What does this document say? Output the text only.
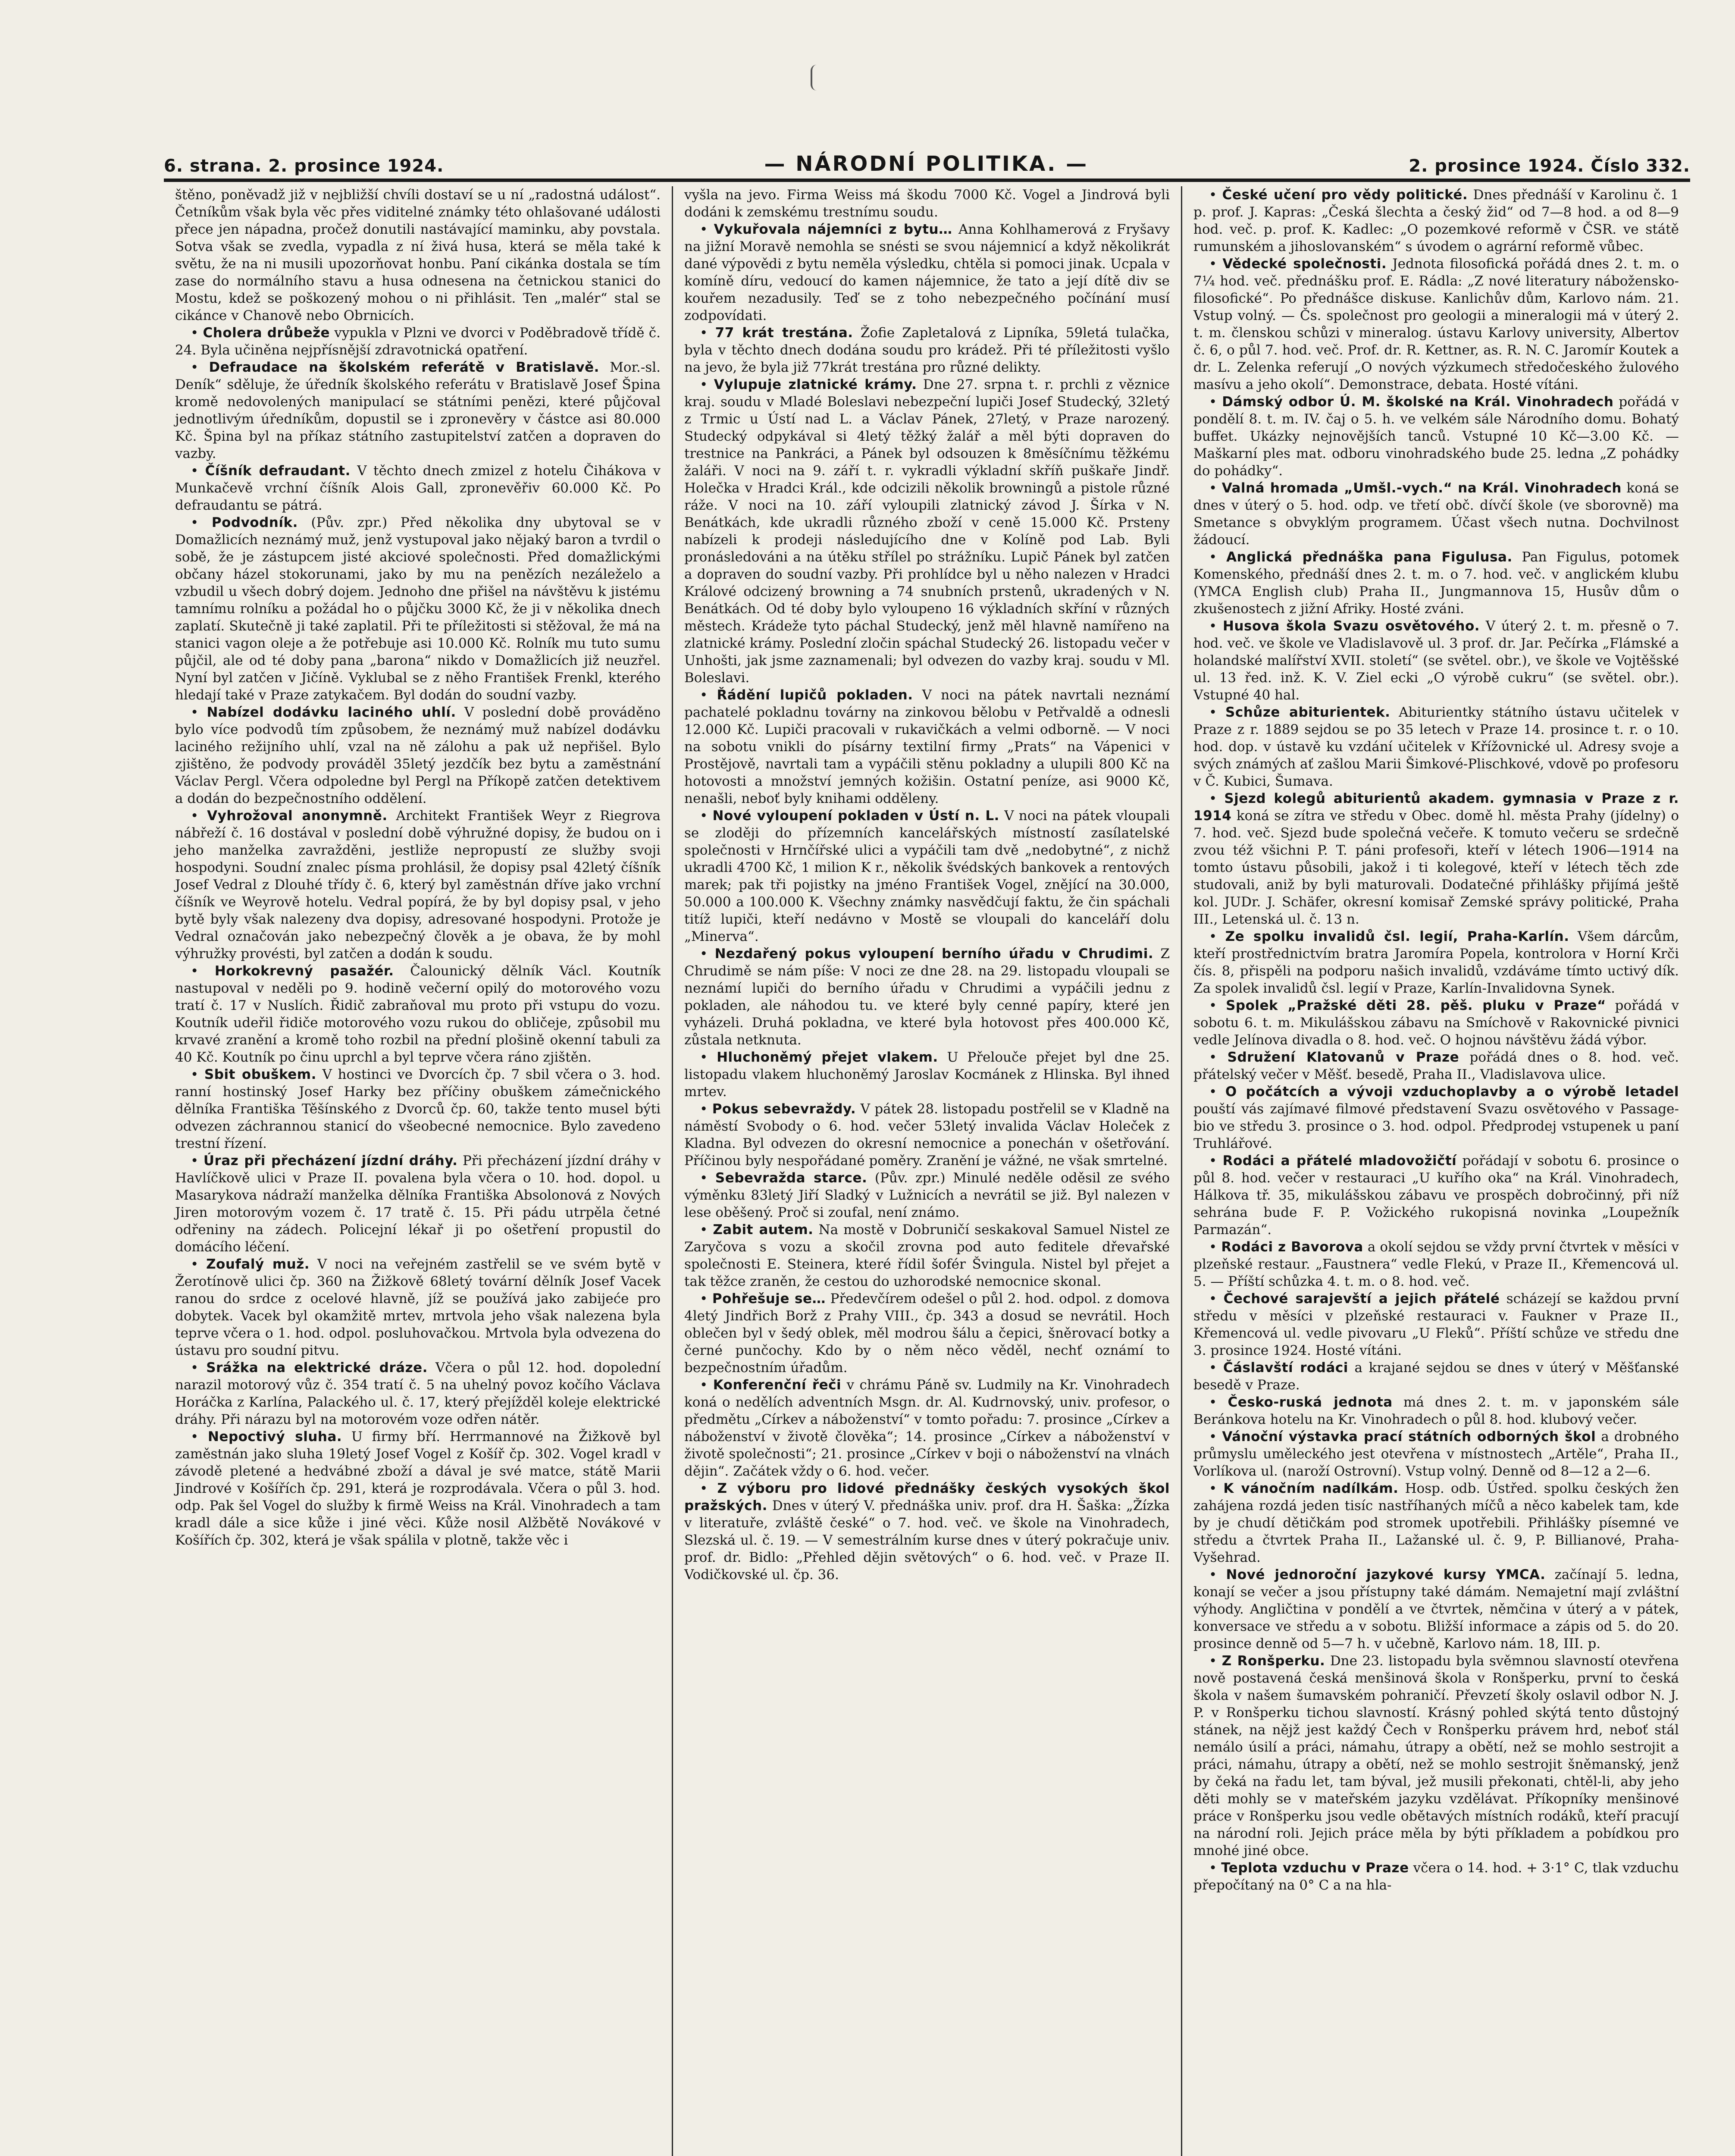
6. strana. 2. prosince 1924.	— NÁRODNÍ POLITIKA. —	2. prosince 1924. Číslo 332.

štěno, poněvadž již v nejbližší chvíli dostaví se u ní „radostná událost“. Četníkům však byla věc přes viditelné známky této ohlašované události přece jen nápadna, pročež donutili nastávající maminku, aby povstala. Sotva však se zvedla, vypadla z ní živá husa, která se měla také k světu, že na ni musili upozorňovat honbu. Paní cikánka dostala se tím zase do normálního stavu a husa odnesena na četnickou stanici do Mostu, kdež se poškozený mohou o ni přihlásit. Ten „malér“ stal se cikánce v Chanově nebo Obrnicích.

• Cholera drůbeže vypukla v Plzni ve dvorci v Poděbradově třídě č. 24. Byla učiněna nejpřísnější zdravotnická opatření.

• Defraudace na školském referátě v Bratislavě. Mor.-sl. Deník“ sděluje, že úředník školského referátu v Bratislavě Josef Špina kromě nedovolených manipulací se státními penězi, které půjčoval jednotlivým úředníkům, dopustil se i zpronevěry v částce asi 80.000 Kč. Špina byl na příkaz státního zastupitelství zatčen a dopraven do vazby.

• Číšník defraudant. V těchto dnech zmizel z hotelu Čihákova v Munkačevě vrchní číšník Alois Gall, zpronevěřiv 60.000 Kč. Po defraudantu se pátrá.

• Podvodník. (Pův. zpr.) Před několika dny ubytoval se v Domažlicích neznámý muž, jenž vystupoval jako nějaký baron a tvrdil o sobě, že je zástupcem jisté akciové společnosti. Před domažlickými občany házel stokorunami, jako by mu na penězích nezáleželo a vzbudil u všech dobrý dojem. Jednoho dne přišel na návštěvu k jistému tamnímu rolníku a požádal ho o půjčku 3000 Kč, že ji v několika dnech zaplatí. Skutečně ji také zaplatil. Při te příležitosti si stěžoval, že má na stanici vagon oleje a že potřebuje asi 10.000 Kč. Rolník mu tuto sumu půjčil, ale od té doby pana „barona“ nikdo v Domažlicích již neuzřel. Nyní byl zatčen v Jičíně. Vyklubal se z něho František Frenkl, kterého hledají také v Praze zatykačem. Byl dodán do soudní vazby.

• Nabízel dodávku laciného uhlí. V poslední době prováděno bylo více podvodů tím způsobem, že neznámý muž nabízel dodávku laciného režijního uhlí, vzal na ně zálohu a pak už nepřišel. Bylo zjištěno, že podvody prováděl 35letý jezdčík bez bytu a zaměstnání Václav Pergl. Včera odpoledne byl Pergl na Příkopě zatčen detektivem a dodán do bezpečnostního oddělení.

• Vyhrožoval anonymně. Architekt František Weyr z Riegrova nábřeží č. 16 dostával v poslední době výhružné dopisy, že budou on i jeho manželka zavražděni, jestliže nepropustí ze služby svoji hospodyni. Soudní znalec písma prohlásil, že dopisy psal 42letý číšník Josef Vedral z Dlouhé třídy č. 6, který byl zaměstnán dříve jako vrchní číšník ve Weyrově hotelu. Vedral popírá, že by byl dopisy psal, v jeho bytě byly však nalezeny dva dopisy, adresované hospodyni. Protože je Vedral označován jako nebezpečný člověk a je obava, že by mohl výhružky provésti, byl zatčen a dodán k soudu.

• Horkokrevný pasažér. Čalounický dělník Václ. Koutník nastupoval v neděli po 9. hodině večerní opilý do motorového vozu tratí č. 17 v Nuslích. Řidič zabraňoval mu proto při vstupu do vozu. Koutník udeřil řidiče motorového vozu rukou do obličeje, způsobil mu krvavé zranění a kromě toho rozbil na přední plošině okenní tabuli za 40 Kč. Koutník po činu uprchl a byl teprve včera ráno zjištěn.

• Sbit obuškem. V hostinci ve Dvorcích čp. 7 sbil včera o 3. hod. ranní hostinský Josef Harky bez příčiny obuškem zámečnického dělníka Františka Těšínského z Dvorců čp. 60, takže tento musel býti odvezen záchrannou stanicí do všeobecné nemocnice. Bylo zavedeno trestní řízení.

• Úraz při přecházení jízdní dráhy. Při přecházení jízdní dráhy v Havlíčkově ulici v Praze II. povalena byla včera o 10. hod. dopol. u Masarykova nádraží manželka dělníka Františka Absolonová z Nových Jiren motorovým vozem č. 17 tratě č. 15. Při pádu utrpěla četné odřeniny na zádech. Policejní lékař ji po ošetření propustil do domácího léčení.

• Zoufalý muž. V noci na veřejném zastřelil se ve svém bytě v Žerotínově ulici čp. 360 na Žižkově 68letý tovární dělník Josef Vacek ranou do srdce z ocelové hlavně, jíž se používá jako zabijeće pro dobytek. Vacek byl okamžitě mrtev, mrtvola jeho však nalezena byla teprve včera o 1. hod. odpol. posluhovačkou. Mrtvola byla odvezena do ústavu pro soudní pitvu.

• Srážka na elektrické dráze. Včera o půl 12. hod. dopolední narazil motorový vůz č. 354 tratí č. 5 na uhelný povoz kočího Václava Horáčka z Karlína, Palackého ul. č. 17, který přejížděl koleje elektrické dráhy. Při nárazu byl na motorovém voze odřen nátěr.

• Nepoctivý sluha. U firmy bří. Herrmannové na Žižkově byl zaměstnán jako sluha 19letý Josef Vogel z Košíř čp. 302. Vogel kradl v závodě pletené a hedvábné zboží a dával je své matce, státě Marii Jindrové v Košířích čp. 291, která je rozprodávala. Včera o půl 3. hod. odp. Pak šel Vogel do služby k firmě Weiss na Král. Vinohradech a tam kradl dále a sice kůže i jiné věci. Kůže nosil Alžbětě Novákové v Košířích čp. 302, která je však spálila v plotně, takže věc i

vyšla na jevo. Firma Weiss má škodu 7000 Kč. Vogel a Jindrová byli dodáni k zemskému trestnímu soudu.

• Vykuřovala nájemníci z bytu… Anna Kohlhamerová z Fryšavy na jižní Moravě nemohla se snésti se svou nájemnicí a když několikrát dané výpovědi z bytu neměla výsledku, chtěla si pomoci jinak. Ucpala v komíně díru, vedoucí do kamen nájemnice, že tato a její dítě div se kouřem nezadusily. Teď se z toho nebezpečného počínání musí zodpovídati.

• 77 krát trestána. Žofie Zapletalová z Lipníka, 59letá tulačka, byla v těchto dnech dodána soudu pro krádež. Při té příležitosti vyšlo na jevo, že byla již 77krát trestána pro různé delikty.

• Vylupuje zlatnické krámy. Dne 27. srpna t. r. prchli z věznice kraj. soudu v Mladé Boleslavi nebezpeční lupiči Josef Studecký, 32letý z Trmic u Ústí nad L. a Václav Pánek, 27letý, v Praze narozený. Studecký odpykával si 4letý těžký žalář a měl býti dopraven do trestnice na Pankráci, a Pánek byl odsouzen k 8měsíčnímu těžkému žaláři. V noci na 9. září t. r. vykradli výkladní skříň puškaře Jindř. Holečka v Hradci Král., kde odcizili několik browningů a pistole různé ráže. V noci na 10. září vyloupili zlatnický závod J. Šírka v N. Benátkách, kde ukradli různého zboží v ceně 15.000 Kč. Prsteny nabízeli k prodeji následujícího dne v Kolíně pod Lab. Byli pronásledováni a na útěku střílel po strážníku. Lupič Pánek byl zatčen a dopraven do soudní vazby. Při prohlídce byl u něho nalezen v Hradci Králové odcizený browning a 74 snubních prstenů, ukradených v N. Benátkách. Od té doby bylo vyloupeno 16 výkladních skříní v různých městech. Krádeže tyto páchal Studecký, jenž měl hlavně namířeno na zlatnické krámy. Poslední zločin spáchal Studecký 26. listopadu večer v Unhošti, jak jsme zaznamenali; byl odvezen do vazby kraj. soudu v Ml. Boleslavi.

• Řádění lupičů pokladen. V noci na pátek navrtali neznámí pachatelé pokladnu továrny na zinkovou bělobu v Petřvaldě a odnesli 12.000 Kč. Lupiči pracovali v rukavičkách a velmi odborně. — V noci na sobotu vnikli do písárny textilní firmy „Prats“ na Vápenici v Prostějově, navrtali tam a vypáčili stěnu pokladny a ulupili 800 Kč na hotovosti a množství jemných kožišin. Ostatní peníze, asi 9000 Kč, nenašli, neboť byly knihami odděleny.

• Nové vyloupení pokladen v Ústí n. L. V noci na pátek vloupali se zloději do přízemních kancelářských místností zasílatelské společnosti v Hrnčířské ulici a vypáčili tam dvě „nedobytné“, z nichž ukradli 4700 Kč, 1 milion K r., několik švédských bankovek a rentových marek; pak tři pojistky na jméno František Vogel, znějící na 30.000, 50.000 a 100.000 K. Všechny známky nasvědčují faktu, že čin spáchali titíž lupiči, kteří nedávno v Mostě se vloupali do kanceláří dolu „Minerva“.

• Nezdařený pokus vyloupení berního úřadu v Chrudimi. Z Chrudimě se nám píše: V noci ze dne 28. na 29. listopadu vloupali se neznámí lupiči do berního úřadu v Chrudimi a vypáčili jednu z pokladen, ale náhodou tu. ve které byly cenné papíry, které jen vyházeli. Druhá pokladna, ve které byla hotovost přes 400.000 Kč, zůstala netknuta.

• Hluchoněmý přejet vlakem. U Přelouče přejet byl dne 25. listopadu vlakem hluchoněmý Jaroslav Kocmánek z Hlinska. Byl ihned mrtev.

• Pokus sebevraždy. V pátek 28. listopadu postřelil se v Kladně na náměstí Svobody o 6. hod. večer 53letý invalida Václav Holeček z Kladna. Byl odvezen do okresní nemocnice a ponechán v ošetřování. Příčinou byly nespořádané poměry. Zranění je vážné, ne však smrtelné.

• Sebevražda starce. (Pův. zpr.) Minulé neděle oděsil ze svého výměnku 83letý Jiří Sladký v Lužnicích a nevrátil se již. Byl nalezen v lese oběšený. Proč si zoufal, není známo.

• Zabit autem. Na mostě v Dobruničí seskakoval Samuel Nistel ze Zaryčova s vozu a skočil zrovna pod auto feditele dřevařské společnosti E. Steinera, které řídil šofér Švingula. Nistel byl přejet a tak těžce zraněn, že cestou do uzhorodské nemocnice skonal.

• Pohřešuje se… Předevčírem odešel o půl 2. hod. odpol. z domova 4letý Jindřich Borž z Prahy VIII., čp. 343 a dosud se nevrátil. Hoch oblečen byl v šedý oblek, měl modrou šálu a čepici, šněrovací botky a černé punčochy. Kdo by o něm něco věděl, nechť oznámí to bezpečnostním úřadům.

• Konferenční řeči v chrámu Páně sv. Ludmily na Kr. Vinohradech koná o nedělích adventních Msgn. dr. Al. Kudrnovský, univ. profesor, o předmětu „Církev a náboženství“ v tomto pořadu: 7. prosince „Církev a náboženství v životě člověka“; 14. prosince „Církev a náboženství v životě společnosti“; 21. prosince „Církev v boji o náboženství na vlnách dějin“. Začátek vždy o 6. hod. večer.

• Z výboru pro lidové přednášky českých vysokých škol pražských. Dnes v úterý V. přednáška univ. prof. dra H. Šaška: „Žízka v literatuře, zvláště české“ o 7. hod. več. ve škole na Vinohradech, Slezská ul. č. 19. — V semestrálním kurse dnes v úterý pokračuje univ. prof. dr. Bidlo: „Přehled dějin světových“ o 6. hod. več. v Praze II. Vodičkovské ul. čp. 36.

• České učení pro vědy politické. Dnes přednáší v Karolinu č. 1 p. prof. J. Kapras: „Česká šlechta a český žid“ od 7—8 hod. a od 8—9 hod. več. p. prof. K. Kadlec: „O pozemkové reformě v ČSR. ve státě rumunském a jihoslovanském“ s úvodem o agrární reformě vůbec.

• Vědecké společnosti. Jednota filosofická pořádá dnes 2. t. m. o 7¼ hod. več. přednášku prof. E. Rádla: „Z nové literatury nábožensko-filosofické“. Po přednášce diskuse. Kanlichův dům, Karlovo nám. 21. Vstup volný. — Čs. společnost pro geologii a mineralogii má v úterý 2. t. m. členskou schůzi v mineralog. ústavu Karlovy university, Albertov č. 6, o půl 7. hod. več. Prof. dr. R. Kettner, as. R. N. C. Jaromír Koutek a dr. L. Zelenka referují „O nových výzkumech středočeského žulového masívu a jeho okolí“. Demonstrace, debata. Hosté vítáni.

• Dámský odbor Ú. M. školské na Král. Vinohradech pořádá v pondělí 8. t. m. IV. čaj o 5. h. ve velkém sále Národního domu. Bohatý buffet. Ukázky nejnovějších tanců. Vstupné 10 Kč—3.00 Kč. — Maškarní ples mat. odboru vinohradského bude 25. ledna „Z pohádky do pohádky“.

• Valná hromada „Umšl.-vych.“ na Král. Vinohradech koná se dnes v úterý o 5. hod. odp. ve třetí obč. dívčí škole (ve sborovně) ma Smetance s obvyklým programem. Účast všech nutna. Dochvilnost žádoucí.

• Anglická přednáška pana Figulusa. Pan Figulus, potomek Komenského, přednáší dnes 2. t. m. o 7. hod. več. v anglickém klubu (YMCA English club) Praha II., Jungmannova 15, Husův dům o zkušenostech z jižní Afriky. Hosté zváni.

• Husova škola Svazu osvětového. V úterý 2. t. m. přesně o 7. hod. več. ve škole ve Vladislavově ul. 3 prof. dr. Jar. Pečírka „Flámské a holandské malířství XVII. století“ (se světel. obr.), ve škole ve Vojtěšské ul. 13 řed. inž. K. V. Ziel ecki „O výrobě cukru“ (se světel. obr.). Vstupné 40 hal.

• Schůze abiturientek. Abiturientky státního ústavu učitelek v Praze z r. 1889 sejdou se po 35 letech v Praze 14. prosince t. r. o 10. hod. dop. v ústavě ku vzdání učitelek v Křížovnické ul. Adresy svoje a svých známých ať zašlou Marii Šimkové-Plischkové, vdově po profesoru v Č. Kubici, Šumava.

• Sjezd kolegů abiturientů akadem. gymnasia v Praze z r. 1914 koná se zítra ve středu v Obec. domě hl. města Prahy (jídelny) o 7. hod. več. Sjezd bude společná večeře. K tomuto večeru se srdečně zvou též všichni P. T. páni profesoři, kteří v létech 1906—1914 na tomto ústavu působili, jakož i ti kolegové, kteří v létech těch zde studovali, aniž by byli maturovali. Dodatečné přihlášky přijímá ještě kol. JUDr. J. Schäfer, okresní komisař Zemské správy politické, Praha III., Letenská ul. č. 13 n.

• Ze spolku invalidů čsl. legií, Praha-Karlín. Všem dárcům, kteří prostřednictvím bratra Jaromíra Popela, kontrolora v Horní Krči čís. 8, přispěli na podporu našich invalidů, vzdáváme tímto uctivý dík. Za spolek invalidů čsl. legií v Praze, Karlín-Invalidovna Synek.

• Spolek „Pražské děti 28. pěš. pluku v Praze“ pořádá v sobotu 6. t. m. Mikulášskou zábavu na Smíchově v Rakovnické pivnici vedle Jelínova divadla o 8. hod. več. O hojnou návštěvu žádá výbor.

• Sdružení Klatovanů v Praze pořádá dnes o 8. hod. več. přátelský večer v Měšť. besedě, Praha II., Vladislavova ulice.

• O počátcích a vývoji vzduchoplavby a o výrobě letadel pouští vás zajímavé filmové představení Svazu osvětového v Passage-bio ve středu 3. prosince o 3. hod. odpol. Předprodej vstupenek u paní Truhlářové.

• Rodáci a přátelé mladovožičtí pořádají v sobotu 6. prosince o půl 8. hod. večer v restauraci „U kuřího oka“ na Král. Vinohradech, Hálkova tř. 35, mikulášskou zábavu ve prospěch dobročinný, při níž sehrána bude F. P. Vožického rukopisná novinka „Loupežník Parmazán“.

• Rodáci z Bavorova a okolí sejdou se vždy první čtvrtek v měsíci v plzeňské restaur. „Faustnera“ vedle Flekú, v Praze II., Křemencová ul. 5. — Příští schůzka 4. t. m. o 8. hod. več.

• Čechové sarajevští a jejich přátelé scházejí se každou první středu v měsíci v plzeňské restauraci v. Faukner v Praze II., Křemencová ul. vedle pivovaru „U Fleků“. Příští schůze ve středu dne 3. prosince 1924. Hosté vítáni.

• Čáslavští rodáci a krajané sejdou se dnes v úterý v Měšťanské besedě v Praze.

• Česko-ruská jednota má dnes 2. t. m. v japonském sále Beránkova hotelu na Kr. Vinohradech o půl 8. hod. klubový večer.

• Vánoční výstavka prací státních odborných škol a drobného průmyslu uměleckého jest otevřena v místnostech „Artěle“, Praha II., Vorlíkova ul. (naroží Ostrovní). Vstup volný. Denně od 8—12 a 2—6.

• K vánočním nadílkám. Hosp. odb. Ústřed. spolku českých žen zahájena rozdá jeden tisíc nastříhaných míčů a něco kabelek tam, kde by je chudí dětičkám pod stromek upotřebili. Přihlášky písemné ve středu a čtvrtek Praha II., Lažanské ul. č. 9, P. Billianové, Praha-Vyšehrad.

• Nové jednoroční jazykové kursy YMCA. začínají 5. ledna, konají se večer a jsou přístupny také dámám. Nemajetní mají zvláštní výhody. Angličtina v pondělí a ve čtvrtek, němčina v úterý a v pátek, konversace ve středu a v sobotu. Bližší informace a zápis od 5. do 20. prosince denně od 5—7 h. v učebně, Karlovo nám. 18, III. p.

• Z Ronšperku. Dne 23. listopadu byla svěmnou slavností otevřena nově postavená česká menšinová škola v Ronšperku, první to česká škola v našem šumavském pohraničí. Převzetí školy oslavil odbor N. J. P. v Ronšperku tichou slavností. Krásný pohled skýtá tento důstojný stánek, na nějž jest každý Čech v Ronšperku právem hrd, neboť stál nemálo úsilí a práci, námahu, útrapy a obětí, než se mohlo sestrojit a práci, námahu, útrapy a obětí, než se mohlo sestrojit šněmanský, jenž by čeká na řadu let, tam býval, jež musili překonati, chtěl-li, aby jeho děti mohly se v mateřském jazyku vzdělávat. Příkopníky menšinové práce v Ronšperku jsou vedle obětavých místních rodáků, kteří pracují na národní roli. Jejich práce měla by býti příkladem a pobídkou pro mnohé jiné obce.

• Teplota vzduchu v Praze včera o 14. hod. + 3·1° C, tlak vzduchu přepočítaný na 0° C a na hla-
